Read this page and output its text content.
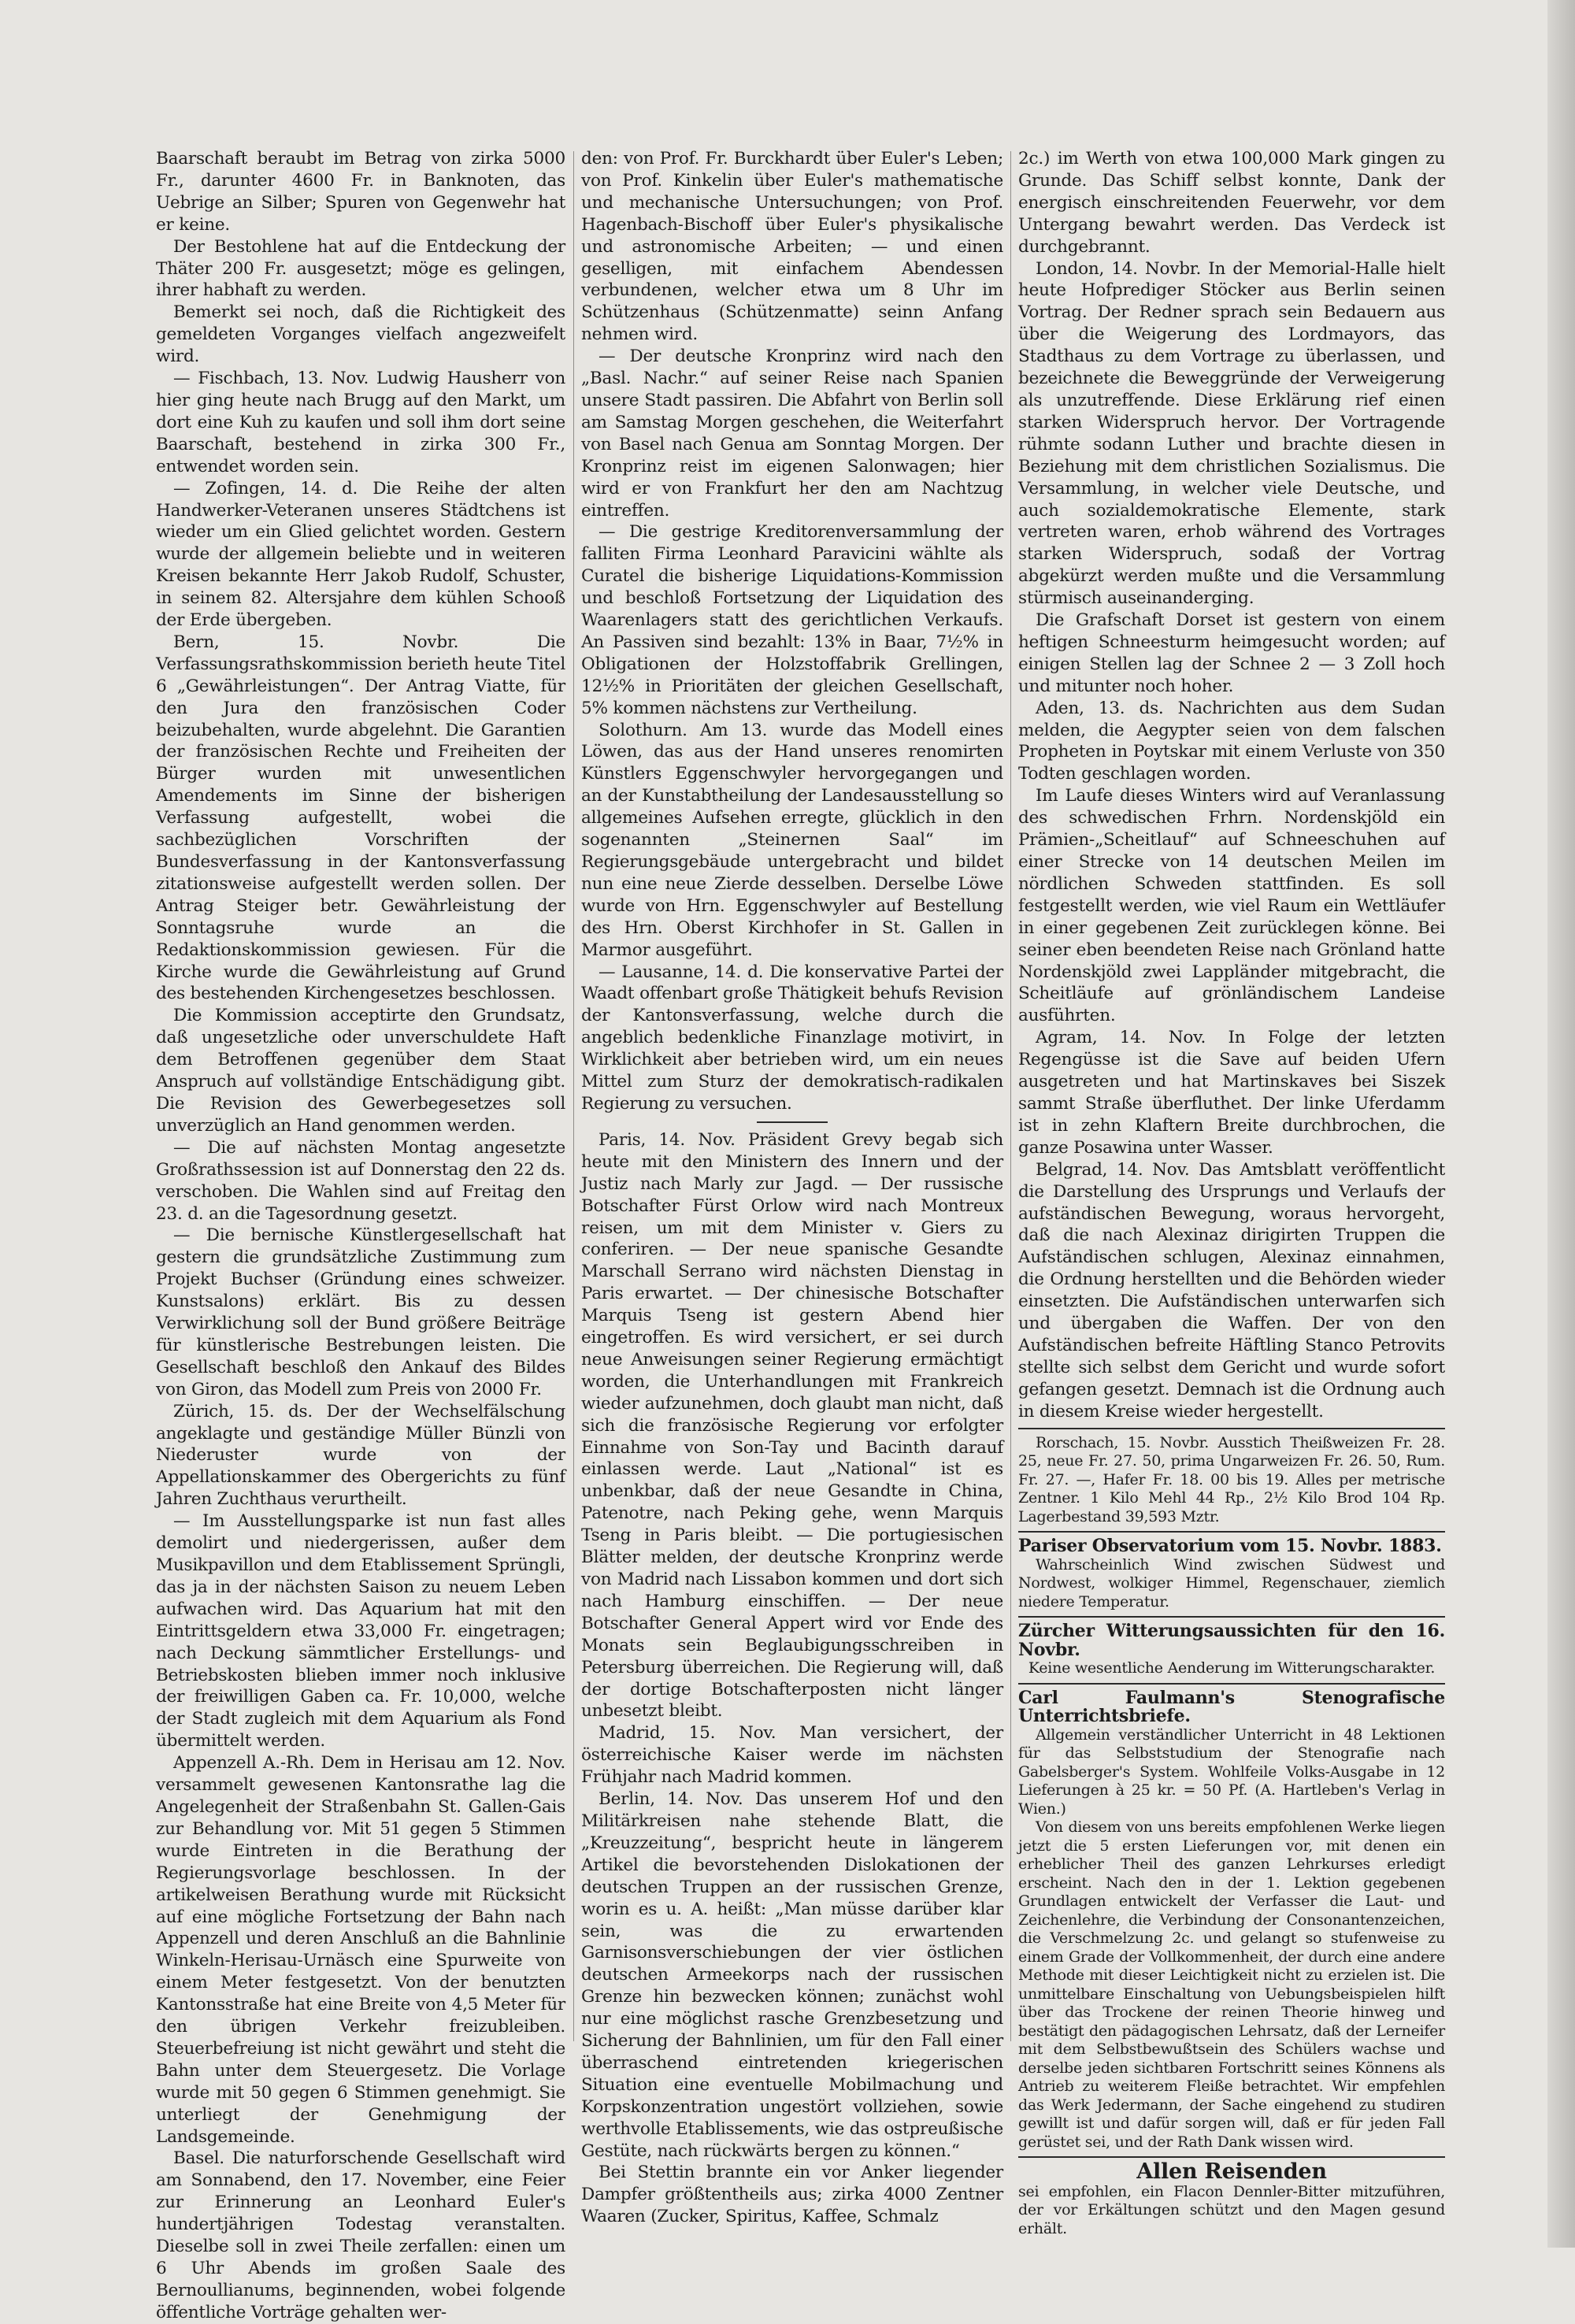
Baarschaft beraubt im Betrag von zirka 5000 Fr., darunter 4600 Fr. in Banknoten, das Uebrige an Silber; Spuren von Gegenwehr hat er keine.

Der Bestohlene hat auf die Entdeckung der Thäter 200 Fr. ausgesetzt; möge es gelingen, ihrer habhaft zu werden.

Bemerkt sei noch, daß die Richtigkeit des gemeldeten Vorganges vielfach angezweifelt wird.

— Fischbach, 13. Nov. Ludwig Hausherr von hier ging heute nach Brugg auf den Markt, um dort eine Kuh zu kaufen und soll ihm dort seine Baarschaft, bestehend in zirka 300 Fr., entwendet worden sein.

— Zofingen, 14. d. Die Reihe der alten Handwerker-Veteranen unseres Städtchens ist wieder um ein Glied gelichtet worden. Gestern wurde der allgemein beliebte und in weiteren Kreisen bekannte Herr Jakob Rudolf, Schuster, in seinem 82. Altersjahre dem kühlen Schooß der Erde übergeben.

Bern, 15. Novbr. Die Verfassungsrathskommission berieth heute Titel 6 „Gewährleistungen“. Der Antrag Viatte, für den Jura den französischen Coder beizubehalten, wurde abgelehnt. Die Garantien der französischen Rechte und Freiheiten der Bürger wurden mit unwesentlichen Amendements im Sinne der bisherigen Verfassung aufgestellt, wobei die sachbezüglichen Vorschriften der Bundesverfassung in der Kantonsverfassung zitationsweise aufgestellt werden sollen. Der Antrag Steiger betr. Gewährleistung der Sonntagsruhe wurde an die Redaktionskommission gewiesen. Für die Kirche wurde die Gewährleistung auf Grund des bestehenden Kirchengesetzes beschlossen.

Die Kommission acceptirte den Grundsatz, daß ungesetzliche oder unverschuldete Haft dem Betroffenen gegenüber dem Staat Anspruch auf vollständige Entschädigung gibt. Die Revision des Gewerbegesetzes soll unverzüglich an Hand genommen werden.

— Die auf nächsten Montag angesetzte Großrathssession ist auf Donnerstag den 22 ds. verschoben. Die Wahlen sind auf Freitag den 23. d. an die Tagesordnung gesetzt.

— Die bernische Künstlergesellschaft hat gestern die grundsätzliche Zustimmung zum Projekt Buchser (Gründung eines schweizer. Kunstsalons) erklärt. Bis zu dessen Verwirklichung soll der Bund größere Beiträge für künstlerische Bestrebungen leisten. Die Gesellschaft beschloß den Ankauf des Bildes von Giron, das Modell zum Preis von 2000 Fr.

Zürich, 15. ds. Der der Wechselfälschung angeklagte und geständige Müller Bünzli von Niederuster wurde von der Appellationskammer des Obergerichts zu fünf Jahren Zuchthaus verurtheilt.

— Im Ausstellungsparke ist nun fast alles demolirt und niedergerissen, außer dem Musikpavillon und dem Etablissement Sprüngli, das ja in der nächsten Saison zu neuem Leben aufwachen wird. Das Aquarium hat mit den Eintrittsgeldern etwa 33,000 Fr. eingetragen; nach Deckung sämmtlicher Erstellungs- und Betriebskosten blieben immer noch inklusive der freiwilligen Gaben ca. Fr. 10,000, welche der Stadt zugleich mit dem Aquarium als Fond übermittelt werden.

Appenzell A.-Rh. Dem in Herisau am 12. Nov. versammelt gewesenen Kantonsrathe lag die Angelegenheit der Straßenbahn St. Gallen-Gais zur Behandlung vor. Mit 51 gegen 5 Stimmen wurde Eintreten in die Berathung der Regierungsvorlage beschlossen. In der artikelweisen Berathung wurde mit Rücksicht auf eine mögliche Fortsetzung der Bahn nach Appenzell und deren Anschluß an die Bahnlinie Winkeln-Herisau-Urnäsch eine Spurweite von einem Meter festgesetzt. Von der benutzten Kantonsstraße hat eine Breite von 4,5 Meter für den übrigen Verkehr freizubleiben. Steuerbefreiung ist nicht gewährt und steht die Bahn unter dem Steuergesetz. Die Vorlage wurde mit 50 gegen 6 Stimmen genehmigt. Sie unterliegt der Genehmigung der Landsgemeinde.

Basel. Die naturforschende Gesellschaft wird am Sonnabend, den 17. November, eine Feier zur Erinnerung an Leonhard Euler's hundertjährigen Todestag veranstalten. Dieselbe soll in zwei Theile zerfallen: einen um 6 Uhr Abends im großen Saale des Bernoullianums, beginnenden, wobei folgende öffentliche Vorträge gehalten wer-

den: von Prof. Fr. Burckhardt über Euler's Leben; von Prof. Kinkelin über Euler's mathematische und mechanische Untersuchungen; von Prof. Hagenbach-Bischoff über Euler's physikalische und astronomische Arbeiten; — und einen geselligen, mit einfachem Abendessen verbundenen, welcher etwa um 8 Uhr im Schützenhaus (Schützenmatte) seinn Anfang nehmen wird.

— Der deutsche Kronprinz wird nach den „Basl. Nachr.“ auf seiner Reise nach Spanien unsere Stadt passiren. Die Abfahrt von Berlin soll am Samstag Morgen geschehen, die Weiterfahrt von Basel nach Genua am Sonntag Morgen. Der Kronprinz reist im eigenen Salonwagen; hier wird er von Frankfurt her den am Nachtzug eintreffen.

— Die gestrige Kreditorenversammlung der falliten Firma Leonhard Paravicini wählte als Curatel die bisherige Liquidations-Kommission und beschloß Fortsetzung der Liquidation des Waarenlagers statt des gerichtlichen Verkaufs. An Passiven sind bezahlt: 13% in Baar, 7½% in Obligationen der Holzstoffabrik Grellingen, 12½% in Prioritäten der gleichen Gesellschaft, 5% kommen nächstens zur Vertheilung.

Solothurn. Am 13. wurde das Modell eines Löwen, das aus der Hand unseres renomirten Künstlers Eggenschwyler hervorgegangen und an der Kunstabtheilung der Landesausstellung so allgemeines Aufsehen erregte, glücklich in den sogenannten „Steinernen Saal“ im Regierungsgebäude untergebracht und bildet nun eine neue Zierde desselben. Derselbe Löwe wurde von Hrn. Eggenschwyler auf Bestellung des Hrn. Oberst Kirchhofer in St. Gallen in Marmor ausgeführt.

— Lausanne, 14. d. Die konservative Partei der Waadt offenbart große Thätigkeit behufs Revision der Kantonsverfassung, welche durch die angeblich bedenkliche Finanzlage motivirt, in Wirklichkeit aber betrieben wird, um ein neues Mittel zum Sturz der demokratisch-radikalen Regierung zu versuchen.

Paris, 14. Nov. Präsident Grevy begab sich heute mit den Ministern des Innern und der Justiz nach Marly zur Jagd. — Der russische Botschafter Fürst Orlow wird nach Montreux reisen, um mit dem Minister v. Giers zu conferiren. — Der neue spanische Gesandte Marschall Serrano wird nächsten Dienstag in Paris erwartet. — Der chinesische Botschafter Marquis Tseng ist gestern Abend hier eingetroffen. Es wird versichert, er sei durch neue Anweisungen seiner Regierung ermächtigt worden, die Unterhandlungen mit Frankreich wieder aufzunehmen, doch glaubt man nicht, daß sich die französische Regierung vor erfolgter Einnahme von Son-Tay und Bacinth darauf einlassen werde. Laut „National“ ist es unbenkbar, daß der neue Gesandte in China, Patenotre, nach Peking gehe, wenn Marquis Tseng in Paris bleibt. — Die portugiesischen Blätter melden, der deutsche Kronprinz werde von Madrid nach Lissabon kommen und dort sich nach Hamburg einschiffen. — Der neue Botschafter General Appert wird vor Ende des Monats sein Beglaubigungsschreiben in Petersburg überreichen. Die Regierung will, daß der dortige Botschafterposten nicht länger unbesetzt bleibt.

Madrid, 15. Nov. Man versichert, der österreichische Kaiser werde im nächsten Frühjahr nach Madrid kommen.

Berlin, 14. Nov. Das unserem Hof und den Militärkreisen nahe stehende Blatt, die „Kreuzzeitung“, bespricht heute in längerem Artikel die bevorstehenden Dislokationen der deutschen Truppen an der russischen Grenze, worin es u. A. heißt: „Man müsse darüber klar sein, was die zu erwartenden Garnisonsverschiebungen der vier östlichen deutschen Armeekorps nach der russischen Grenze hin bezwecken können; zunächst wohl nur eine möglichst rasche Grenzbesetzung und Sicherung der Bahnlinien, um für den Fall einer überraschend eintretenden kriegerischen Situation eine eventuelle Mobilmachung und Korpskonzentration ungestört vollziehen, sowie werthvolle Etablissements, wie das ostpreußische Gestüte, nach rückwärts bergen zu können.“

Bei Stettin brannte ein vor Anker liegender Dampfer größtentheils aus; zirka 4000 Zentner Waaren (Zucker, Spiritus, Kaffee, Schmalz

2c.) im Werth von etwa 100,000 Mark gingen zu Grunde. Das Schiff selbst konnte, Dank der energisch einschreitenden Feuerwehr, vor dem Untergang bewahrt werden. Das Verdeck ist durchgebrannt.

London, 14. Novbr. In der Memorial-Halle hielt heute Hofprediger Stöcker aus Berlin seinen Vortrag. Der Redner sprach sein Bedauern aus über die Weigerung des Lordmayors, das Stadthaus zu dem Vortrage zu überlassen, und bezeichnete die Beweggründe der Verweigerung als unzutreffende. Diese Erklärung rief einen starken Widerspruch hervor. Der Vortragende rühmte sodann Luther und brachte diesen in Beziehung mit dem christlichen Sozialismus. Die Versammlung, in welcher viele Deutsche, und auch sozialdemokratische Elemente, stark vertreten waren, erhob während des Vortrages starken Widerspruch, sodaß der Vortrag abgekürzt werden mußte und die Versammlung stürmisch auseinanderging.

Die Grafschaft Dorset ist gestern von einem heftigen Schneesturm heimgesucht worden; auf einigen Stellen lag der Schnee 2 — 3 Zoll hoch und mitunter noch hoher.

Aden, 13. ds. Nachrichten aus dem Sudan melden, die Aegypter seien von dem falschen Propheten in Poytskar mit einem Verluste von 350 Todten geschlagen worden.

Im Laufe dieses Winters wird auf Veranlassung des schwedischen Frhrn. Nordenskjöld ein Prämien-„Scheitlauf“ auf Schneeschuhen auf einer Strecke von 14 deutschen Meilen im nördlichen Schweden stattfinden. Es soll festgestellt werden, wie viel Raum ein Wettläufer in einer gegebenen Zeit zurücklegen könne. Bei seiner eben beendeten Reise nach Grönland hatte Nordenskjöld zwei Lappländer mitgebracht, die Scheitläufe auf grönländischem Landeise ausführten.

Agram, 14. Nov. In Folge der letzten Regengüsse ist die Save auf beiden Ufern ausgetreten und hat Martinskaves bei Siszek sammt Straße überfluthet. Der linke Uferdamm ist in zehn Klaftern Breite durchbrochen, die ganze Posawina unter Wasser.

Belgrad, 14. Nov. Das Amtsblatt veröffentlicht die Darstellung des Ursprungs und Verlaufs der aufständischen Bewegung, woraus hervorgeht, daß die nach Alexinaz dirigirten Truppen die Aufständischen schlugen, Alexinaz einnahmen, die Ordnung herstellten und die Behörden wieder einsetzten. Die Aufständischen unterwarfen sich und übergaben die Waffen. Der von den Aufständischen befreite Häftling Stanco Petrovits stellte sich selbst dem Gericht und wurde sofort gefangen gesetzt. Demnach ist die Ordnung auch in diesem Kreise wieder hergestellt.

Rorschach, 15. Novbr. Ausstich Theißweizen Fr. 28. 25, neue Fr. 27. 50, prima Ungarweizen Fr. 26. 50, Rum. Fr. 27. —, Hafer Fr. 18. 00 bis 19. Alles per metrische Zentner. 1 Kilo Mehl 44 Rp., 2½ Kilo Brod 104 Rp. Lagerbestand 39,593 Mztr.

Pariser Observatorium vom 15. Novbr. 1883.

Wahrscheinlich Wind zwischen Südwest und Nordwest, wolkiger Himmel, Regenschauer, ziemlich niedere Temperatur.

Zürcher Witterungsaussichten für den 16. Novbr.

Keine wesentliche Aenderung im Witterungscharakter.

Carl Faulmann's Stenografische Unterrichtsbriefe.

Allgemein verständlicher Unterricht in 48 Lektionen für das Selbststudium der Stenografie nach Gabelsberger's System. Wohlfeile Volks-Ausgabe in 12 Lieferungen à 25 kr. = 50 Pf. (A. Hartleben's Verlag in Wien.)

Von diesem von uns bereits empfohlenen Werke liegen jetzt die 5 ersten Lieferungen vor, mit denen ein erheblicher Theil des ganzen Lehrkurses erledigt erscheint. Nach den in der 1. Lektion gegebenen Grundlagen entwickelt der Verfasser die Laut- und Zeichenlehre, die Verbindung der Consonantenzeichen, die Verschmelzung 2c. und gelangt so stufenweise zu einem Grade der Vollkommenheit, der durch eine andere Methode mit dieser Leichtigkeit nicht zu erzielen ist. Die unmittelbare Einschaltung von Uebungsbeispielen hilft über das Trockene der reinen Theorie hinweg und bestätigt den pädagogischen Lehrsatz, daß der Lerneifer mit dem Selbstbewußtsein des Schülers wachse und derselbe jeden sichtbaren Fortschritt seines Könnens als Antrieb zu weiterem Fleiße betrachtet. Wir empfehlen das Werk Jedermann, der Sache eingehend zu studiren gewillt ist und dafür sorgen will, daß er für jeden Fall gerüstet sei, und der Rath Dank wissen wird.

Allen Reisenden

sei empfohlen, ein Flacon Dennler-Bitter mitzuführen, der vor Erkältungen schützt und den Magen gesund erhält.
